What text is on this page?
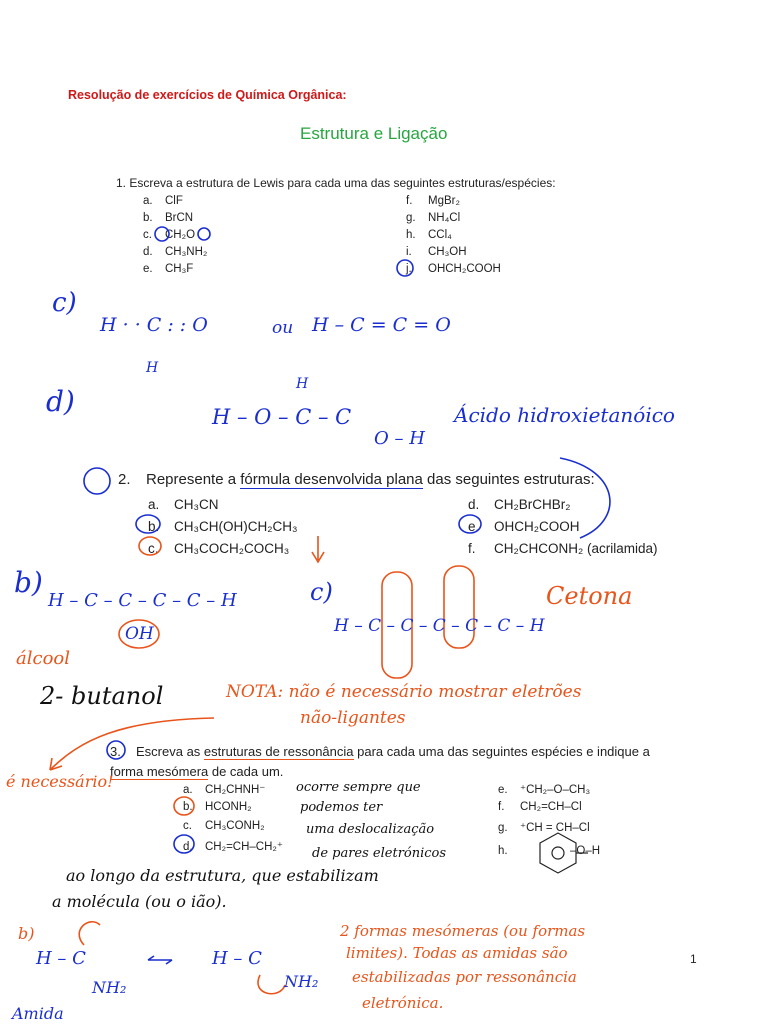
Resolução de exercícios de Química Orgânica:
Estrutura e Ligação
1. Escreva a estrutura de Lewis para cada uma das seguintes estruturas/espécies:
a. ClF
b. BrCN
c. CH₂O
d. CH₃NH₂
e. CH₃F
f. MgBr₂
g. NH₄Cl
h. CCl₄
i. CH₃OH
j. OHCH₂COOH
2. Represente a fórmula desenvolvida plana das seguintes estruturas:
a. CH₃CN
b. CH₃CH(OH)CH₂CH₃
c. CH₃COCH₂COCH₃
d. CH₂BrCHBr₂
e. OHCH₂COOH
f. CH₂CHCONH₂ (acrilamida)
3. Escreva as estruturas de ressonância para cada uma das seguintes espécies e indique a forma mesómera de cada um.
a. CH₂CHNH⁻
b. HCONH₂
c. CH₃CONH₂
d. CH₂=CH–CH₂⁺
e. ⁺CH₂–O–CH₃
f. CH₂=CH–Cl
g. ⁺CH = CH–Cl
h.	–O–H
c)
H · · C : : O	ou H – C = C = O
H
d)	H – O – C – C
O – H
H
Ácido hidroxietanóico
b)
H – C – C – C – C – H
OH
álcool
2- butanol
c)
H – C – C – C – C – C – H
Cetona
NOTA: não é necessário mostrar eletrões
não-ligantes
é necessário!	ocorre sempre que
podemos ter
uma deslocalização
de pares eletrónicos
ao longo da estrutura, que estabilizam
a molécula (ou o ião).
b)
H – C
NH₂
H – C
NH₂
Amida
2 formas mesómeras (ou formas
limites). Todas as amidas são
estabilizadas por ressonância
eletrónica.
1
